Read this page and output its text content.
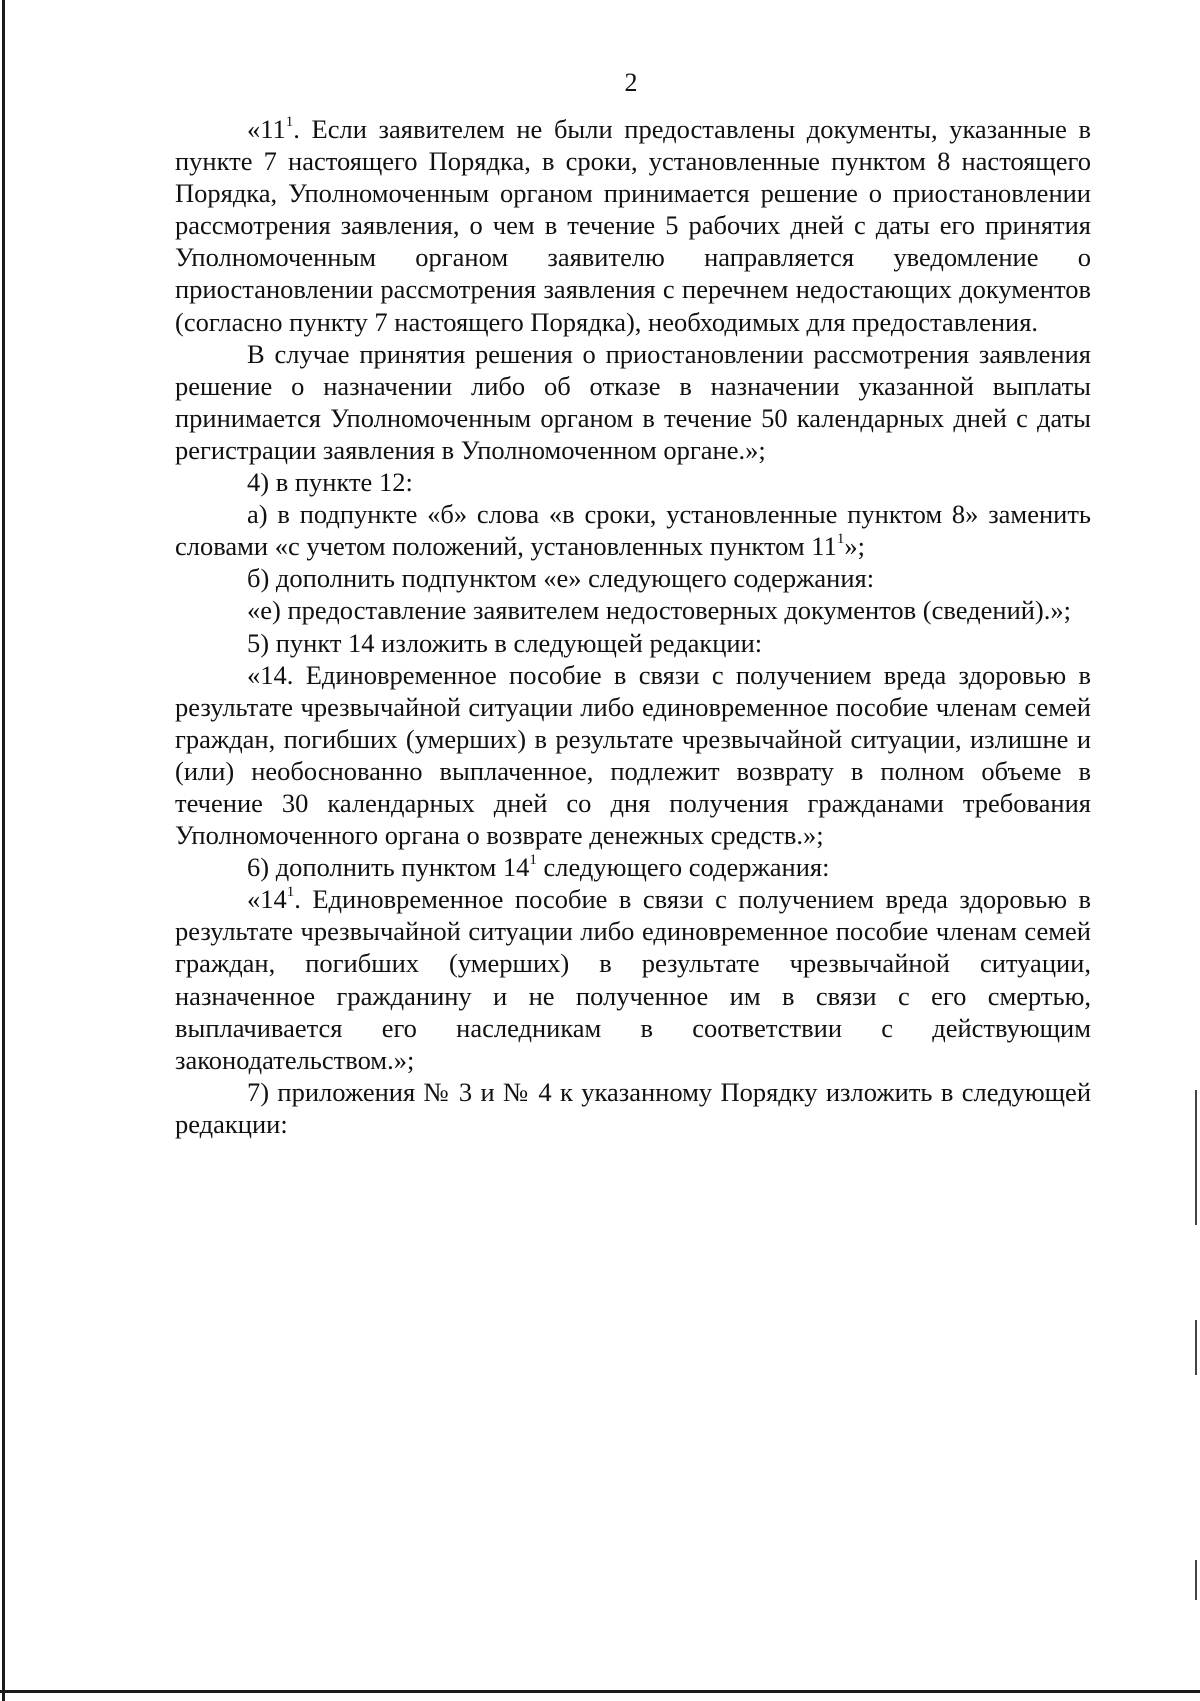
2

«$11^1$. Если заявителем не были предоставлены документы, указанные в пункте 7 настоящего Порядка, в сроки, установленные пунктом 8 настоящего Порядка, Уполномоченным органом принимается решение о приостановлении рассмотрения заявления, о чем в течение 5 рабочих дней с даты его принятия Уполномоченным органом заявителю направляется уведомление о приостановлении рассмотрения заявления с перечнем недостающих документов (согласно пункту 7 настоящего Порядка), необходимых для предоставления.

В случае принятия решения о приостановлении рассмотрения заявления решение о назначении либо об отказе в назначении указанной выплаты принимается Уполномоченным органом в течение 50 календарных дней с даты регистрации заявления в Уполномоченном органе.»;

4) в пункте 12:

а) в подпункте «б» слова «в сроки, установленные пунктом 8» заменить словами «с учетом положений, установленных пунктом $11^1$»;

б) дополнить подпунктом «е» следующего содержания:

«е) предоставление заявителем недостоверных документов (сведений).»;

5) пункт 14 изложить в следующей редакции:

«14. Единовременное пособие в связи с получением вреда здоровью в результате чрезвычайной ситуации либо единовременное пособие членам семей граждан, погибших (умерших) в результате чрезвычайной ситуации, излишне и (или) необоснованно выплаченное, подлежит возврату в полном объеме в течение 30 календарных дней со дня получения гражданами требования Уполномоченного органа о возврате денежных средств.»;

6) дополнить пунктом $14^1$ следующего содержания:

«$14^1$. Единовременное пособие в связи с получением вреда здоровью в результате чрезвычайной ситуации либо единовременное пособие членам семей граждан, погибших (умерших) в результате чрезвычайной ситуации, назначенное гражданину и не полученное им в связи с его смертью, выплачивается его наследникам в соответствии с действующим законодательством.»;

7) приложения № 3 и № 4 к указанному Порядку изложить в следующей редакции:
